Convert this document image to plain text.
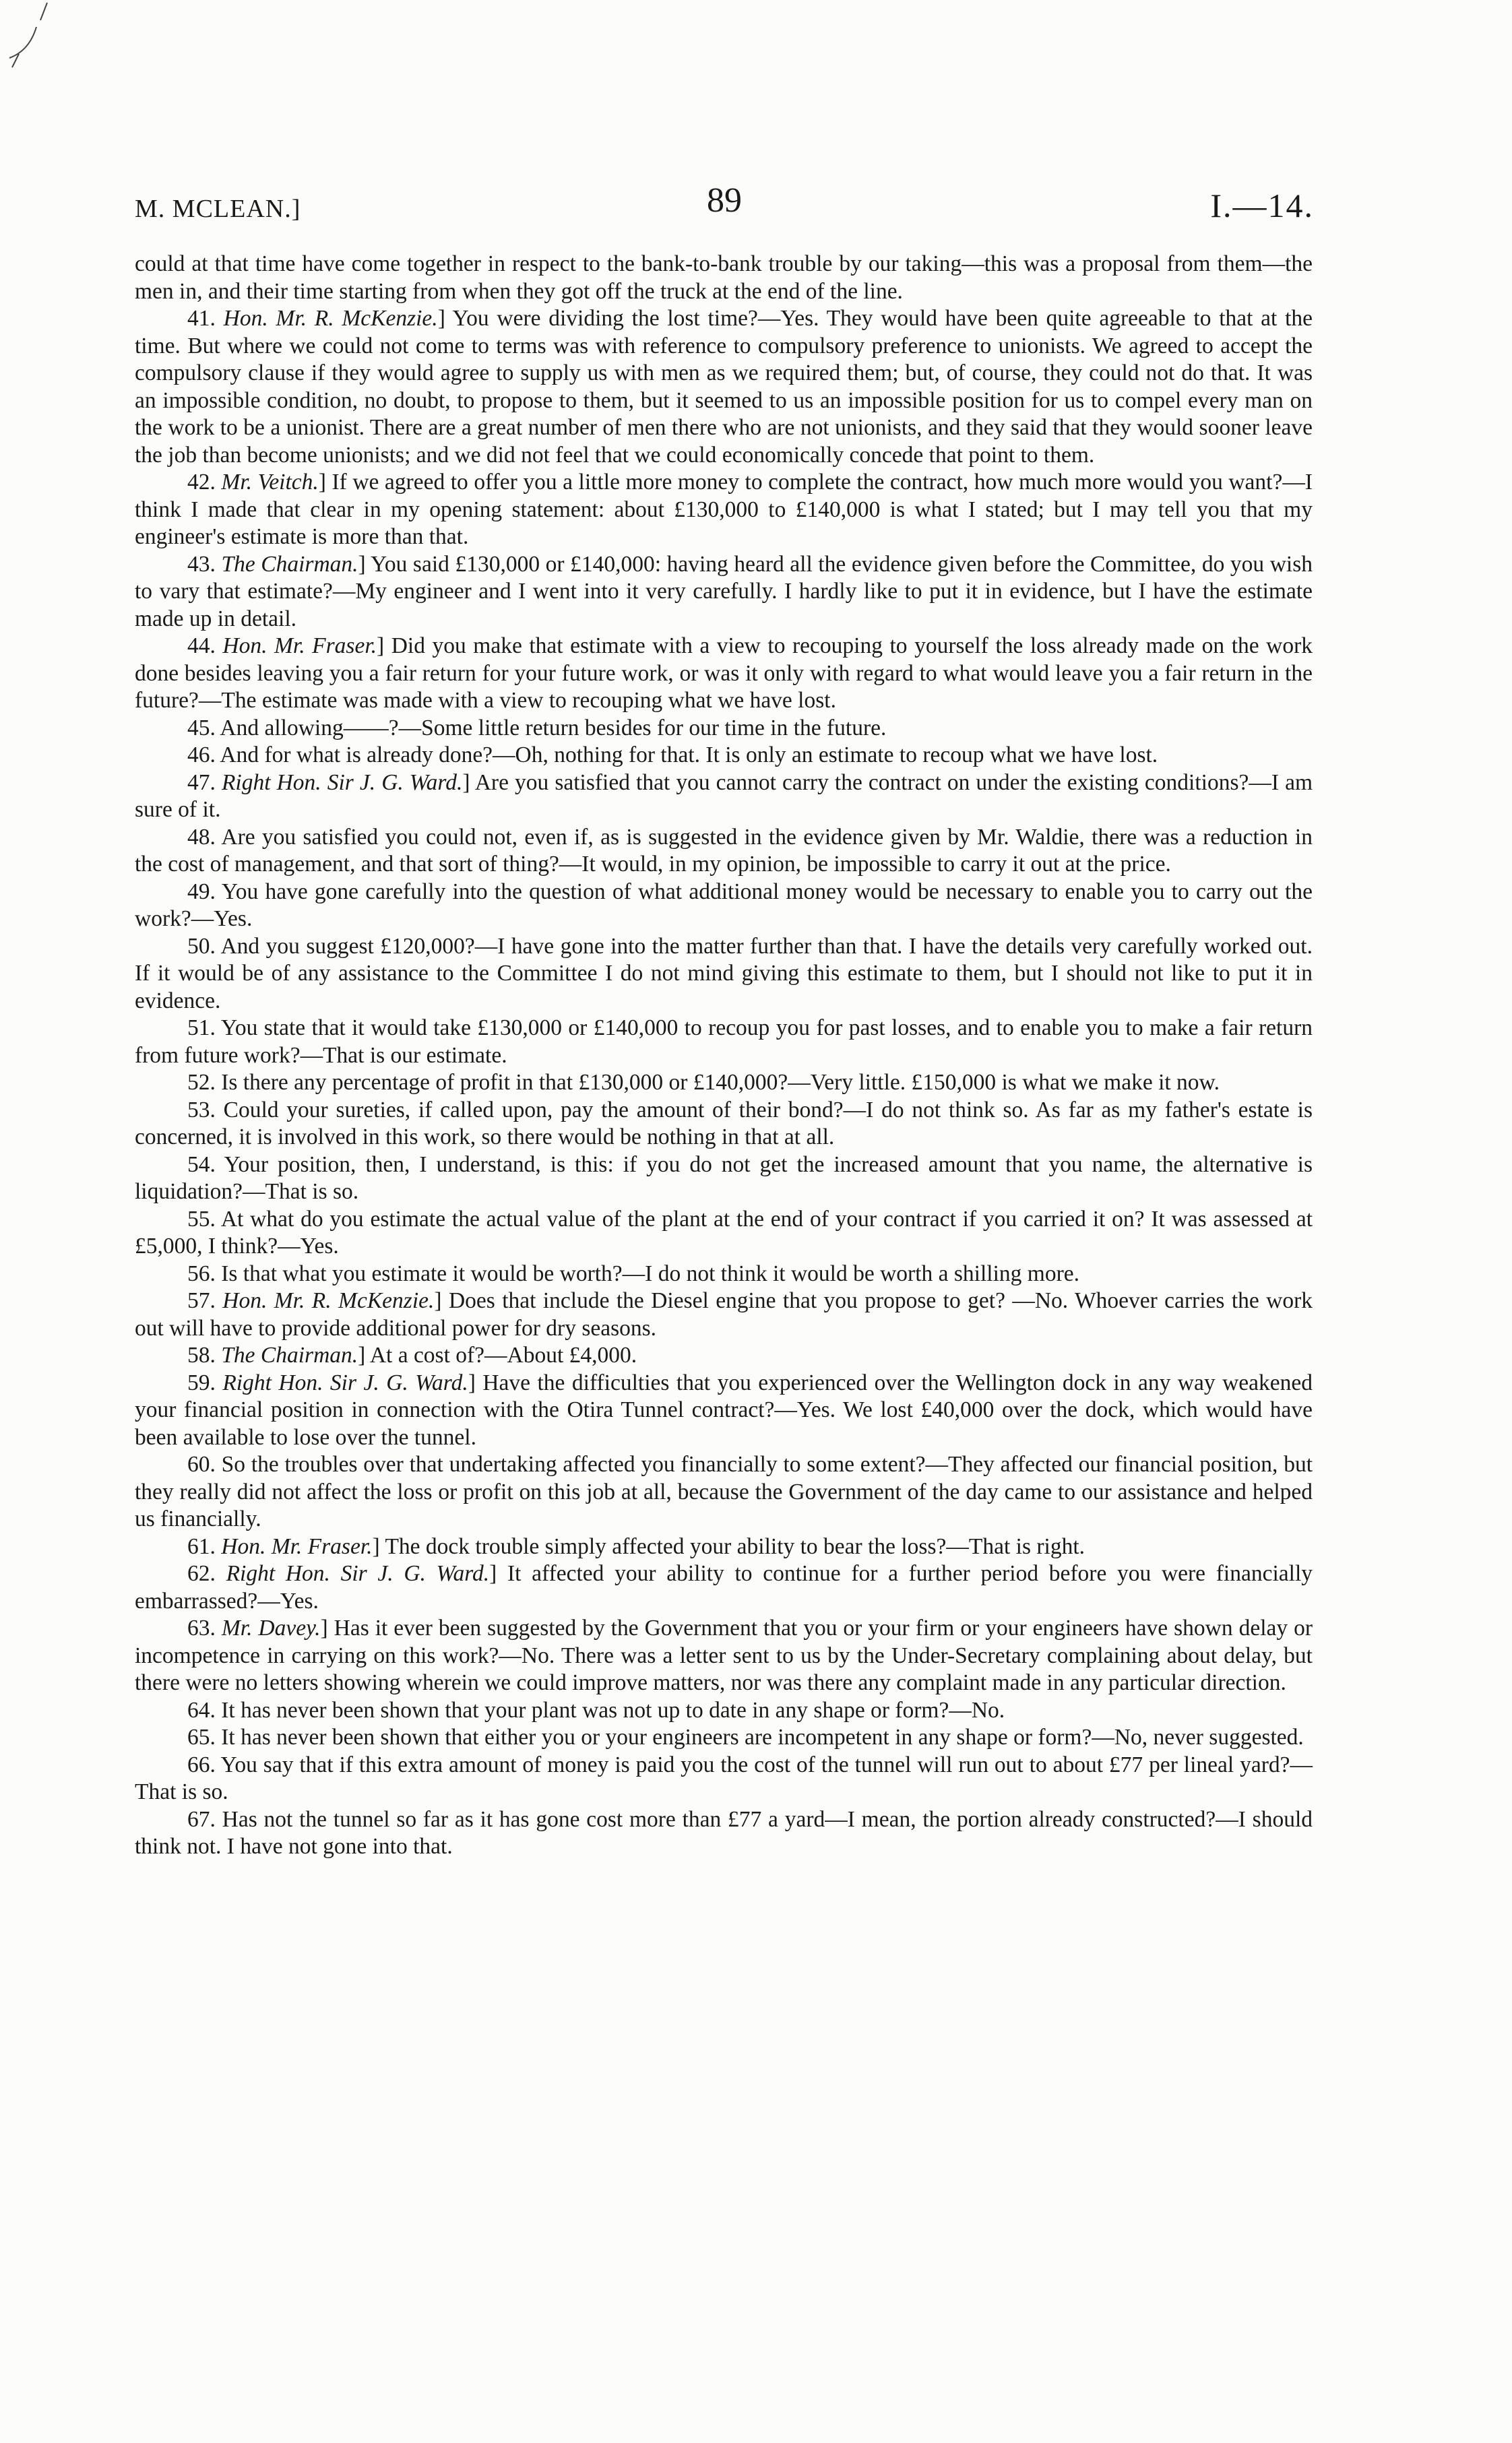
M. MCLEAN.]	89	I.—14.

could at that time have come together in respect to the bank-to-bank trouble by our taking—this was a proposal from them—the men in, and their time starting from when they got off the truck at the end of the line.

41. Hon. Mr. R. McKenzie.] You were dividing the lost time?—Yes. They would have been quite agreeable to that at the time. But where we could not come to terms was with reference to compulsory preference to unionists. We agreed to accept the compulsory clause if they would agree to supply us with men as we required them; but, of course, they could not do that. It was an impossible condition, no doubt, to propose to them, but it seemed to us an impossible position for us to compel every man on the work to be a unionist. There are a great number of men there who are not unionists, and they said that they would sooner leave the job than become unionists; and we did not feel that we could economically concede that point to them.

42. Mr. Veitch.] If we agreed to offer you a little more money to complete the contract, how much more would you want?—I think I made that clear in my opening statement: about £130,000 to £140,000 is what I stated; but I may tell you that my engineer's estimate is more than that.

43. The Chairman.] You said £130,000 or £140,000: having heard all the evidence given before the Committee, do you wish to vary that estimate?—My engineer and I went into it very carefully. I hardly like to put it in evidence, but I have the estimate made up in detail.

44. Hon. Mr. Fraser.] Did you make that estimate with a view to recouping to yourself the loss already made on the work done besides leaving you a fair return for your future work, or was it only with regard to what would leave you a fair return in the future?—The estimate was made with a view to recouping what we have lost.

45. And allowing——?—Some little return besides for our time in the future.

46. And for what is already done?—Oh, nothing for that. It is only an estimate to recoup what we have lost.

47. Right Hon. Sir J. G. Ward.] Are you satisfied that you cannot carry the contract on under the existing conditions?—I am sure of it.

48. Are you satisfied you could not, even if, as is suggested in the evidence given by Mr. Waldie, there was a reduction in the cost of management, and that sort of thing?—It would, in my opinion, be impossible to carry it out at the price.

49. You have gone carefully into the question of what additional money would be necessary to enable you to carry out the work?—Yes.

50. And you suggest £120,000?—I have gone into the matter further than that. I have the details very carefully worked out. If it would be of any assistance to the Committee I do not mind giving this estimate to them, but I should not like to put it in evidence.

51. You state that it would take £130,000 or £140,000 to recoup you for past losses, and to enable you to make a fair return from future work?—That is our estimate.

52. Is there any percentage of profit in that £130,000 or £140,000?—Very little. £150,000 is what we make it now.

53. Could your sureties, if called upon, pay the amount of their bond?—I do not think so. As far as my father's estate is concerned, it is involved in this work, so there would be nothing in that at all.

54. Your position, then, I understand, is this: if you do not get the increased amount that you name, the alternative is liquidation?—That is so.

55. At what do you estimate the actual value of the plant at the end of your contract if you carried it on? It was assessed at £5,000, I think?—Yes.

56. Is that what you estimate it would be worth?—I do not think it would be worth a shilling more.

57. Hon. Mr. R. McKenzie.] Does that include the Diesel engine that you propose to get? —No. Whoever carries the work out will have to provide additional power for dry seasons.

58. The Chairman.] At a cost of?—About £4,000.

59. Right Hon. Sir J. G. Ward.] Have the difficulties that you experienced over the Wellington dock in any way weakened your financial position in connection with the Otira Tunnel contract?—Yes. We lost £40,000 over the dock, which would have been available to lose over the tunnel.

60. So the troubles over that undertaking affected you financially to some extent?—They affected our financial position, but they really did not affect the loss or profit on this job at all, because the Government of the day came to our assistance and helped us financially.

61. Hon. Mr. Fraser.] The dock trouble simply affected your ability to bear the loss?—That is right.

62. Right Hon. Sir J. G. Ward.] It affected your ability to continue for a further period before you were financially embarrassed?—Yes.

63. Mr. Davey.] Has it ever been suggested by the Government that you or your firm or your engineers have shown delay or incompetence in carrying on this work?—No. There was a letter sent to us by the Under-Secretary complaining about delay, but there were no letters showing wherein we could improve matters, nor was there any complaint made in any particular direction.

64. It has never been shown that your plant was not up to date in any shape or form?—No.

65. It has never been shown that either you or your engineers are incompetent in any shape or form?—No, never suggested.

66. You say that if this extra amount of money is paid you the cost of the tunnel will run out to about £77 per lineal yard?—That is so.

67. Has not the tunnel so far as it has gone cost more than £77 a yard—I mean, the portion already constructed?—I should think not. I have not gone into that.
